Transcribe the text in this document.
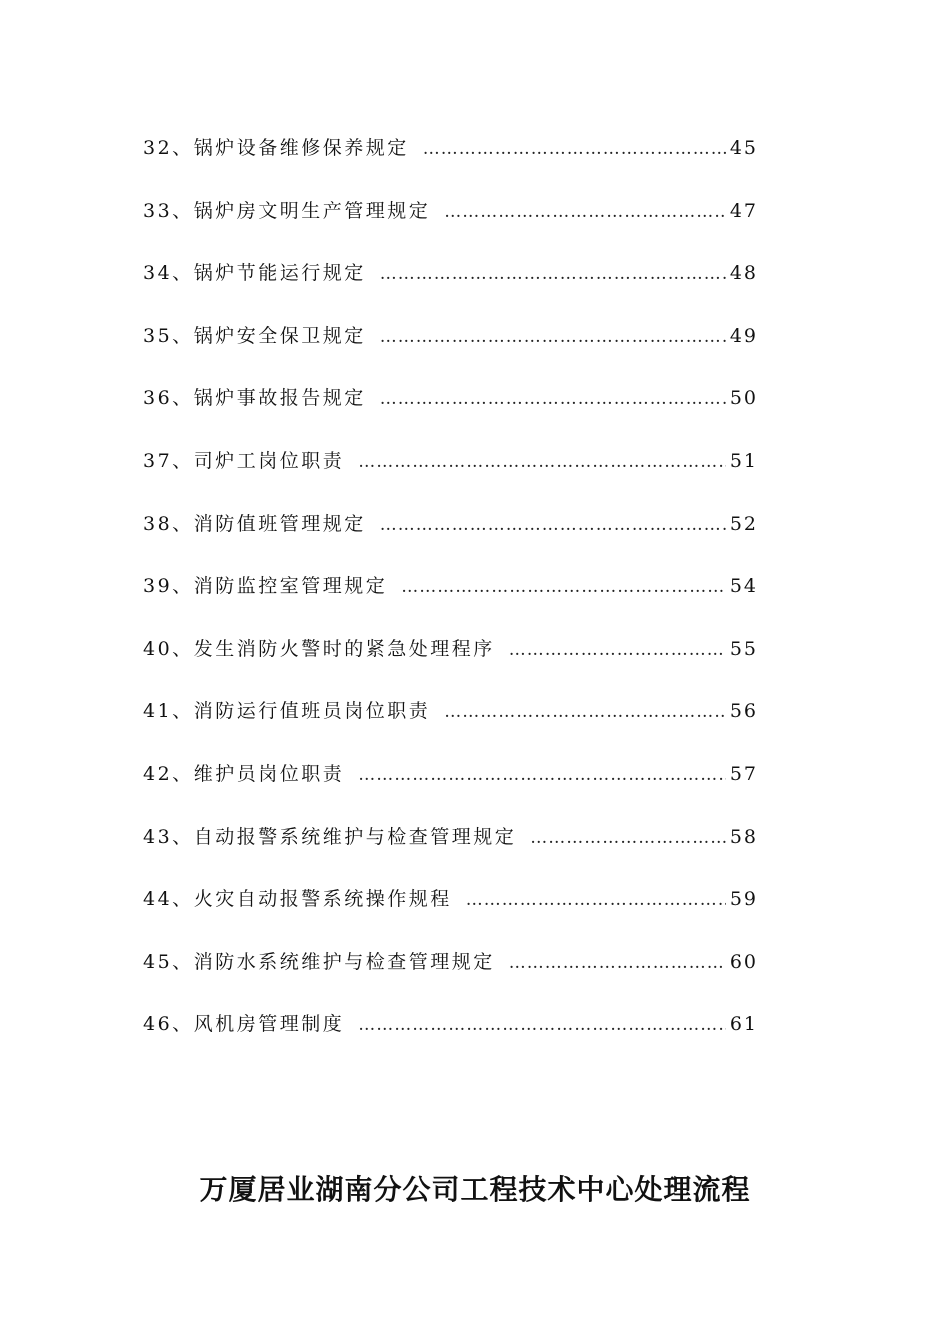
32、 锅炉设备维修保养规定 …………………………………………………………………………………………………………………………………………	45
33、 锅炉房文明生产管理规定 …………………………………………………………………………………………………………………………………………	47
34、 锅炉节能运行规定 …………………………………………………………………………………………………………………………………………	48
35、 锅炉安全保卫规定 …………………………………………………………………………………………………………………………………………	49
36、 锅炉事故报告规定 …………………………………………………………………………………………………………………………………………	50
37、 司炉工岗位职责 …………………………………………………………………………………………………………………………………………	51
38、 消防值班管理规定 …………………………………………………………………………………………………………………………………………	52
39、 消防监控室管理规定 …………………………………………………………………………………………………………………………………………	54
40、 发生消防火警时的紧急处理程序 …………………………………………………………………………………………………………………………………………	55
41、 消防运行值班员岗位职责 …………………………………………………………………………………………………………………………………………	56
42、 维护员岗位职责 …………………………………………………………………………………………………………………………………………	57
43、 自动报警系统维护与检查管理规定 …………………………………………………………………………………………………………………………………………	58
44、 火灾自动报警系统操作规程 …………………………………………………………………………………………………………………………………………	59
45、 消防水系统维护与检查管理规定 …………………………………………………………………………………………………………………………………………	60
46、 风机房管理制度 …………………………………………………………………………………………………………………………………………	61
万厦居业湖南分公司工程技术中心处理流程
